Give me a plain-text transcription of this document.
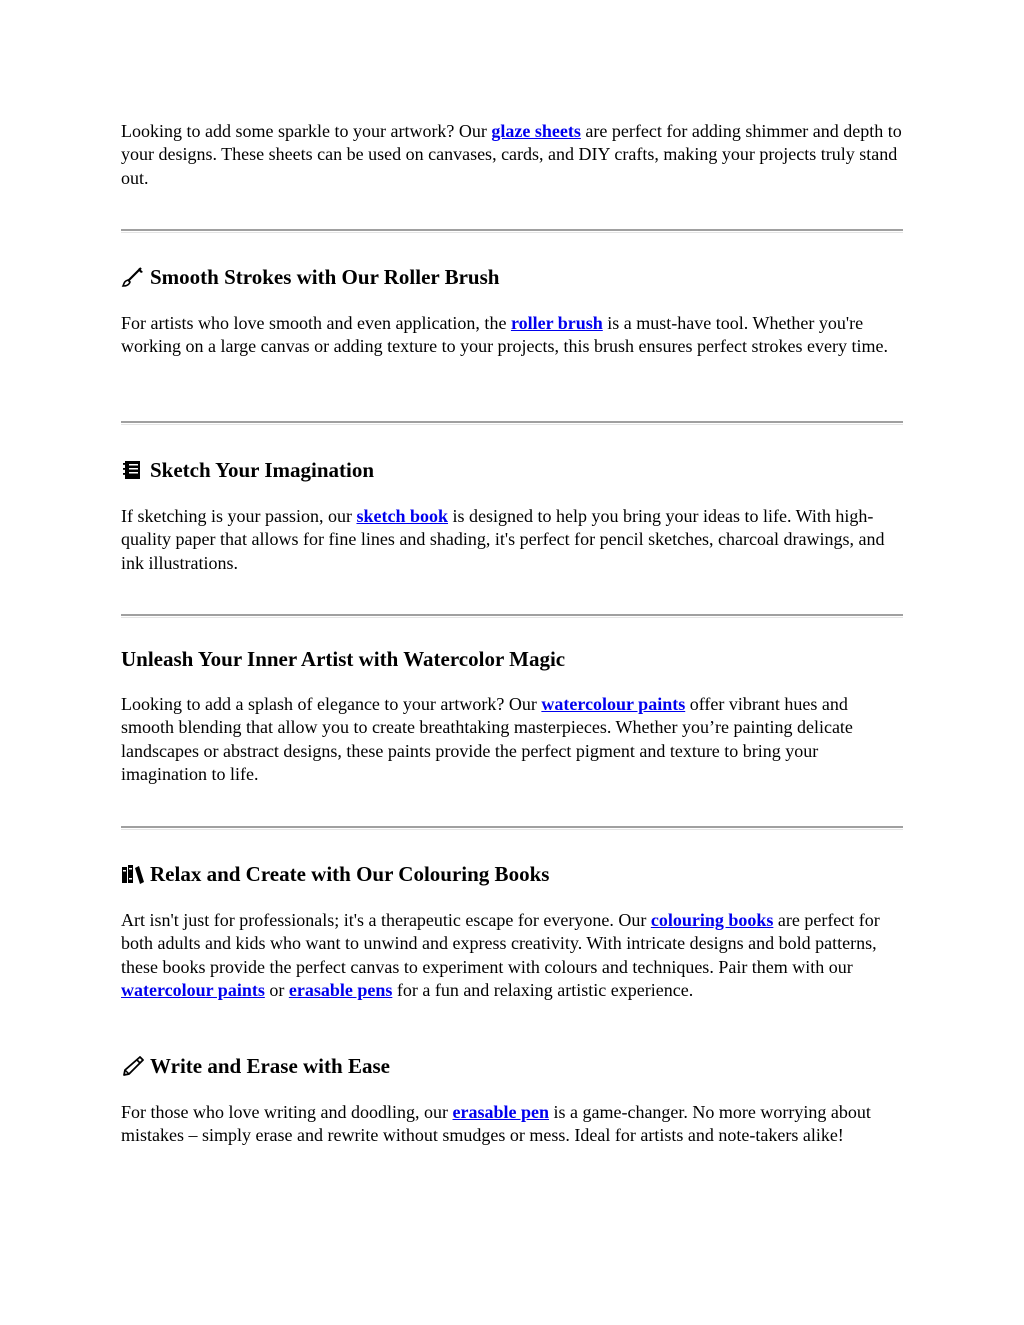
Looking to add some sparkle to your artwork? Our glaze sheets are perfect for adding shimmer and depth to your designs. These sheets can be used on canvases, cards, and DIY crafts, making your projects truly stand out.

Smooth Strokes with Our Roller Brush

For artists who love smooth and even application, the roller brush is a must-have tool. Whether you're working on a large canvas or adding texture to your projects, this brush ensures perfect strokes every time.

Sketch Your Imagination

If sketching is your passion, our sketch book is designed to help you bring your ideas to life. With high-quality paper that allows for fine lines and shading, it's perfect for pencil sketches, charcoal drawings, and ink illustrations.

Unleash Your Inner Artist with Watercolor Magic

Looking to add a splash of elegance to your artwork? Our watercolour paints offer vibrant hues and smooth blending that allow you to create breathtaking masterpieces. Whether you’re painting delicate landscapes or abstract designs, these paints provide the perfect pigment and texture to bring your imagination to life.

Relax and Create with Our Colouring Books

Art isn't just for professionals; it's a therapeutic escape for everyone. Our colouring books are perfect for both adults and kids who want to unwind and express creativity. With intricate designs and bold patterns, these books provide the perfect canvas to experiment with colours and techniques. Pair them with our watercolour paints or erasable pens for a fun and relaxing artistic experience.

Write and Erase with Ease

For those who love writing and doodling, our erasable pen is a game-changer. No more worrying about mistakes – simply erase and rewrite without smudges or mess. Ideal for artists and note-takers alike!
